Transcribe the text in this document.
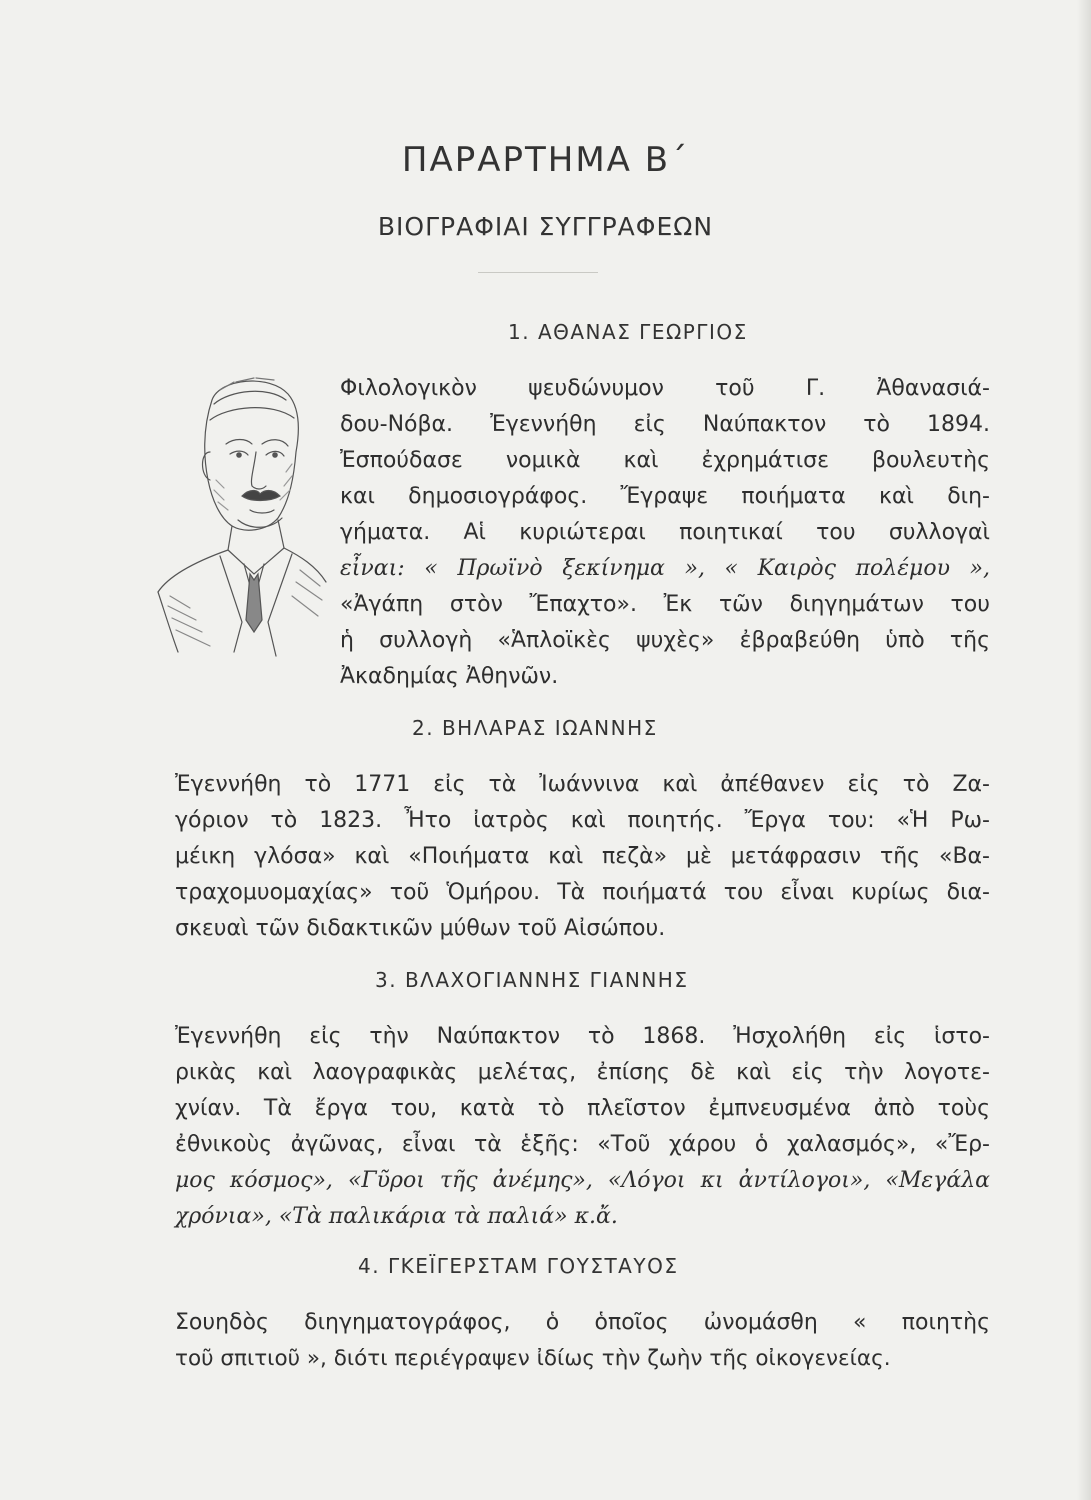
ΠΑΡΑΡΤΗΜΑ Β΄
ΒΙΟΓΡΑΦΙΑΙ ΣΥΓΓΡΑΦΕΩΝ
1. ΑΘΑΝΑΣ ΓΕΩΡΓΙΟΣ
Φιλολογικὸν ψευδώνυμον τοῦ Γ. Ἀθανασιά-
δου-Νόβα. Ἐγεννήθη εἰς Ναύπακτον τὸ 1894.
Ἐσπούδασε νομικὰ καὶ ἐχρημάτισε βουλευτὴς
και δημοσιογράφος. Ἔγραψε ποιήματα καὶ διη-
γήματα. Αἱ κυριώτεραι ποιητικαί του συλλογαὶ
εἶναι: « Πρωϊνὸ ξεκίνημα », « Καιρὸς πολέμου »,
«Ἀγάπη στὸν Ἔπαχτο». Ἐκ τῶν διηγημάτων του
ἡ συλλογὴ «Ἁπλοϊκὲς ψυχὲς» ἐβραβεύθη ὑπὸ τῆς
Ἀκαδημίας Ἀθηνῶν.
2. ΒΗΛΑΡΑΣ ΙΩΑΝΝΗΣ
Ἐγεννήθη τὸ 1771 εἰς τὰ Ἰωάννινα καὶ ἀπέθανεν εἰς τὸ Ζα-
γόριον τὸ 1823. Ἦτο ἰατρὸς καὶ ποιητής. Ἔργα του: «Ἡ Ρω-
μέικη γλόσα» καὶ «Ποιήματα καὶ πεζὰ» μὲ μετάφρασιν τῆς «Βα-
τραχομυομαχίας» τοῦ Ὁμήρου. Τὰ ποιήματά του εἶναι κυρίως δια-
σκευαὶ τῶν διδακτικῶν μύθων τοῦ Αἰσώπου.
3. ΒΛΑΧΟΓΙΑΝΝΗΣ ΓΙΑΝΝΗΣ
Ἐγεννήθη εἰς τὴν Ναύπακτον τὸ 1868. Ἠσχολήθη εἰς ἱστο-
ρικὰς καὶ λαογραφικὰς μελέτας, ἐπίσης δὲ καὶ εἰς τὴν λογοτε-
χνίαν. Τὰ ἔργα του, κατὰ τὸ πλεῖστον ἐμπνευσμένα ἀπὸ τοὺς
ἐθνικοὺς ἀγῶνας, εἶναι τὰ ἑξῆς: «Τοῦ χάρου ὁ χαλασμός», «Ἔρ-
μος κόσμος», «Γῦροι τῆς ἀνέμης», «Λόγοι κι ἀντίλογοι», «Μεγάλα
χρόνια», «Τὰ παλικάρια τὰ παλιά» κ.ἄ.
4. ΓΚΕΪΓΕΡΣΤΑΜ ΓΟΥΣΤΑΥΟΣ
Σουηδὸς διηγηματογράφος, ὁ ὁποῖος ὠνομάσθη « ποιητὴς
τοῦ σπιτιοῦ », διότι περιέγραψεν ἰδίως τὴν ζωὴν τῆς οἰκογενείας.
